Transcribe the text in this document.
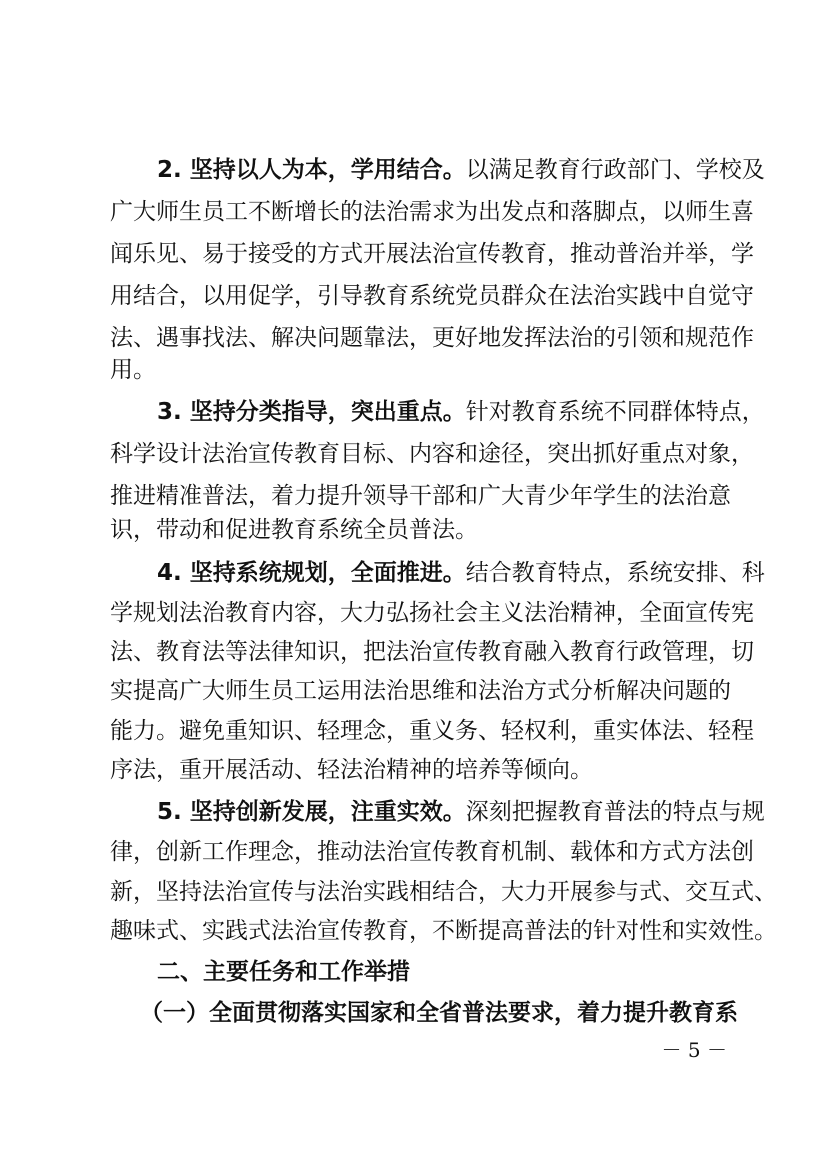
2. 坚持以人为本，学用结合。以满足教育行政部门、学校及
广大师生员工不断增长的法治需求为出发点和落脚点，以师生喜
闻乐见、易于接受的方式开展法治宣传教育，推动普治并举，学
用结合，以用促学，引导教育系统党员群众在法治实践中自觉守
法、遇事找法、解决问题靠法，更好地发挥法治的引领和规范作
用。
3. 坚持分类指导，突出重点。针对教育系统不同群体特点，
科学设计法治宣传教育目标、内容和途径，突出抓好重点对象，
推进精准普法，着力提升领导干部和广大青少年学生的法治意
识，带动和促进教育系统全员普法。
4. 坚持系统规划，全面推进。结合教育特点，系统安排、科
学规划法治教育内容，大力弘扬社会主义法治精神，全面宣传宪
法、教育法等法律知识，把法治宣传教育融入教育行政管理，切
实提高广大师生员工运用法治思维和法治方式分析解决问题的
能力。避免重知识、轻理念，重义务、轻权利，重实体法、轻程
序法，重开展活动、轻法治精神的培养等倾向。
5. 坚持创新发展，注重实效。深刻把握教育普法的特点与规
律，创新工作理念，推动法治宣传教育机制、载体和方式方法创
新，坚持法治宣传与法治实践相结合，大力开展参与式、交互式、
趣味式、实践式法治宣传教育，不断提高普法的针对性和实效性。
二、主要任务和工作举措
（一）全面贯彻落实国家和全省普法要求，着力提升教育系
－ 5 －
